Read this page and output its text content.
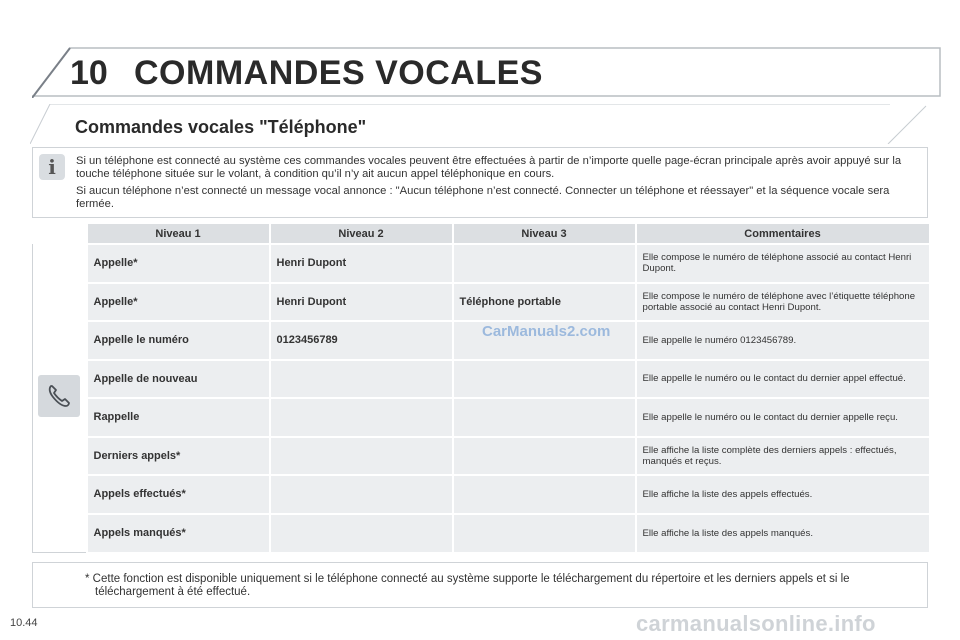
10 COMMANDES VOCALES
Commandes vocales "Téléphone"
i	Si un téléphone est connecté au système ces commandes vocales peuvent être effectuées à partir de n’importe quelle page-écran principale après avoir appuyé sur la touche téléphone située sur le volant, à condition qu’il n’y ait aucun appel téléphonique en cours.

Si aucun téléphone n’est connecté un message vocal annonce : "Aucun téléphone n’est connecté. Connecter un téléphone et réessayer" et la séquence vocale sera fermée.

	Niveau 1	Niveau 2	Niveau 3	Commentaires

	Appelle*	Henri Dupont		Elle compose le numéro de téléphone associé au contact Henri Dupont.
	Appelle*	Henri Dupont	Téléphone portable	Elle compose le numéro de téléphone avec l’étiquette téléphone portable associé au contact Henri Dupont.
	Appelle le numéro	0123456789		Elle appelle le numéro 0123456789.
	Appelle de nouveau			Elle appelle le numéro ou le contact du dernier appel effectué.
	Rappelle			Elle appelle le numéro ou le contact du dernier appelle reçu.
	Derniers appels*			Elle affiche la liste complète des derniers appels : effectués, manqués et reçus.
	Appels effectués*			Elle affiche la liste des appels effectués.
	Appels manqués*			Elle affiche la liste des appels manqués.
CarManuals2.com
* Cette fonction est disponible uniquement si le téléphone connecté au système supporte le téléchargement du répertoire et les derniers appels et si le téléchargement à été effectué.
10.44	carmanualsonline.info
